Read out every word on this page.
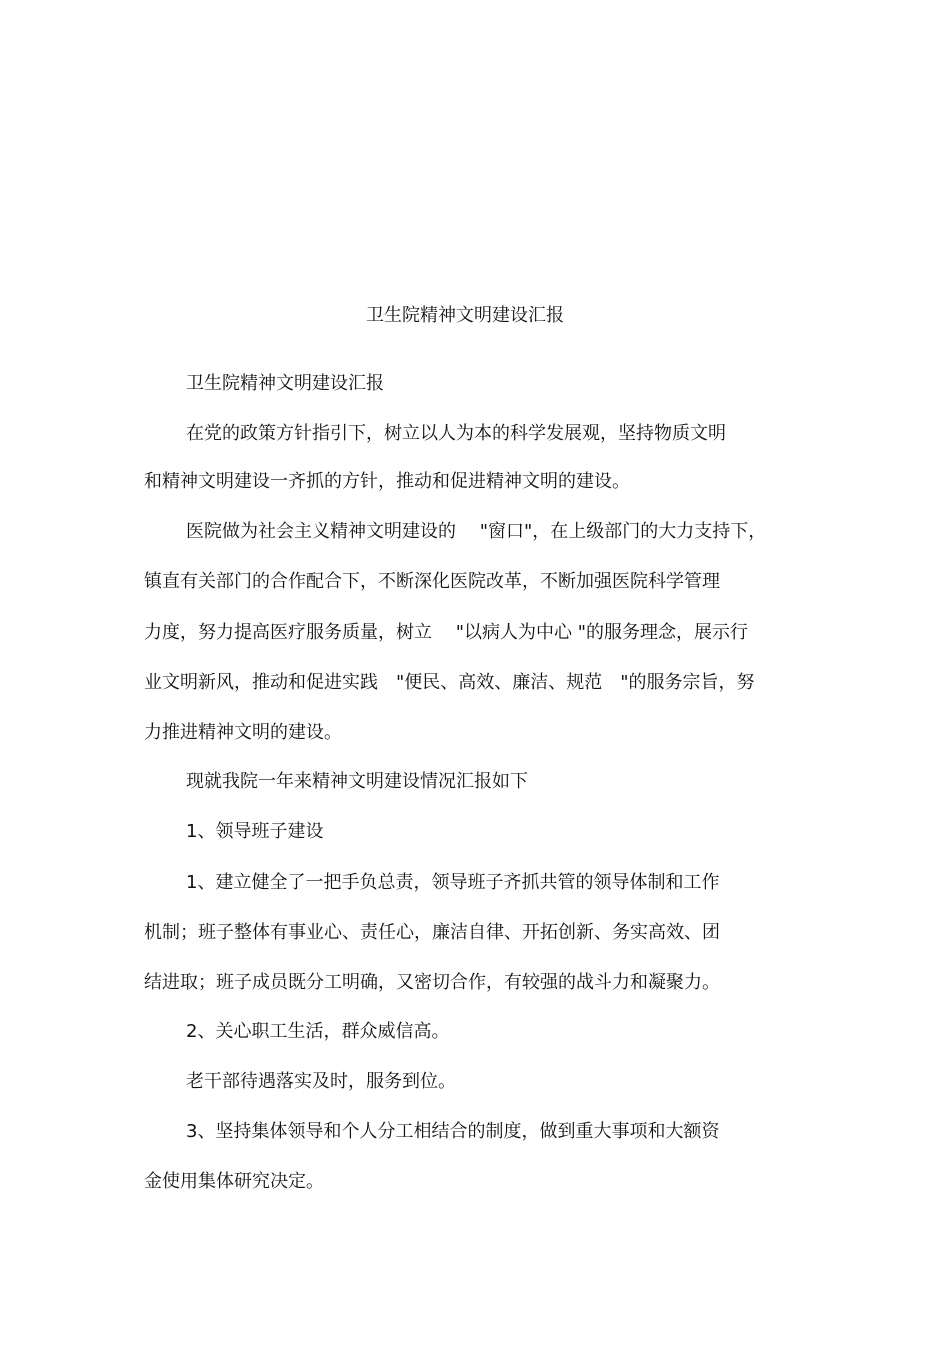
卫生院精神文明建设汇报

卫生院精神文明建设汇报

在党的政策方针指引下，树立以人为本的科学发展观，坚持物质文明

和精神文明建设一齐抓的方针，推动和促进精神文明的建设。

医院做为社会主义精神文明建设的　 "窗口"，在上级部门的大力支持下，

镇直有关部门的合作配合下，不断深化医院改革，不断加强医院科学管理

力度，努力提高医疗服务质量，树立　 "以病人为中心 "的服务理念，展示行

业文明新风，推动和促进实践　"便民、高效、廉洁、规范　"的服务宗旨，努

力推进精神文明的建设。

现就我院一年来精神文明建设情况汇报如下

1、领导班子建设

1、建立健全了一把手负总责，领导班子齐抓共管的领导体制和工作

机制；班子整体有事业心、责任心，廉洁自律、开拓创新、务实高效、团

结进取；班子成员既分工明确，又密切合作，有较强的战斗力和凝聚力。

2、关心职工生活，群众威信高。

老干部待遇落实及时，服务到位。

3、坚持集体领导和个人分工相结合的制度，做到重大事项和大额资

金使用集体研究决定。
